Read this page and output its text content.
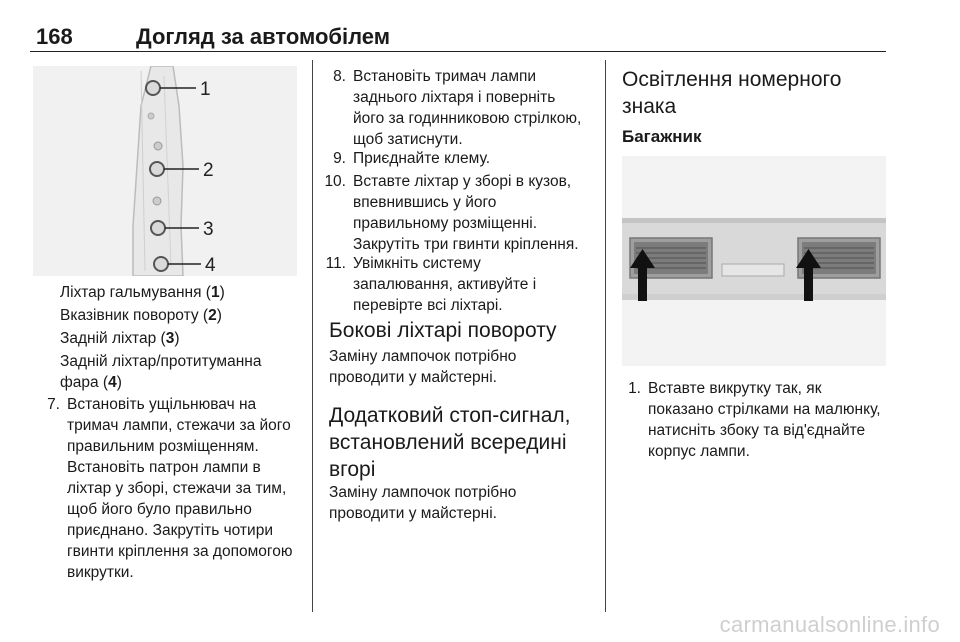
168	Догляд за автомобілем
1
2
3
4
Ліхтар гальмування (1)
Вказівник повороту (2)
Задній ліхтар (3)
Задній ліхтар/протитуманна
фара (4)
7. Встановіть ущільнювач на
тримач лампи, стежачи за його
правильним розміщенням.
Встановіть патрон лампи в
ліхтар у зборі, стежачи за тим,
щоб його було правильно
приєднано. Закрутіть чотири
гвинти кріплення за допомогою
викрутки.
8. Встановіть тримач лампи
заднього ліхтаря і поверніть
його за годинниковою стрілкою,
щоб затиснути.
9. Приєднайте клему.
10. Вставте ліхтар у зборі в кузов,
впевнившись у його
правильному розміщенні.
Закрутіть три гвинти кріплення.
11. Увімкніть систему
запалювання, активуйте і
перевірте всі ліхтарі.
Бокові ліхтарі повороту
Заміну лампочок потрібно
проводити у майстерні.
Додатковий стоп-сигнал,
встановлений всередині
вгорі
Заміну лампочок потрібно
проводити у майстерні.
Освітлення номерного
знака
Багажник
1. Вставте викрутку так, як
показано стрілками на малюнку,
натисніть збоку та від'єднайте
корпус лампи.
carmanualsonline.info
